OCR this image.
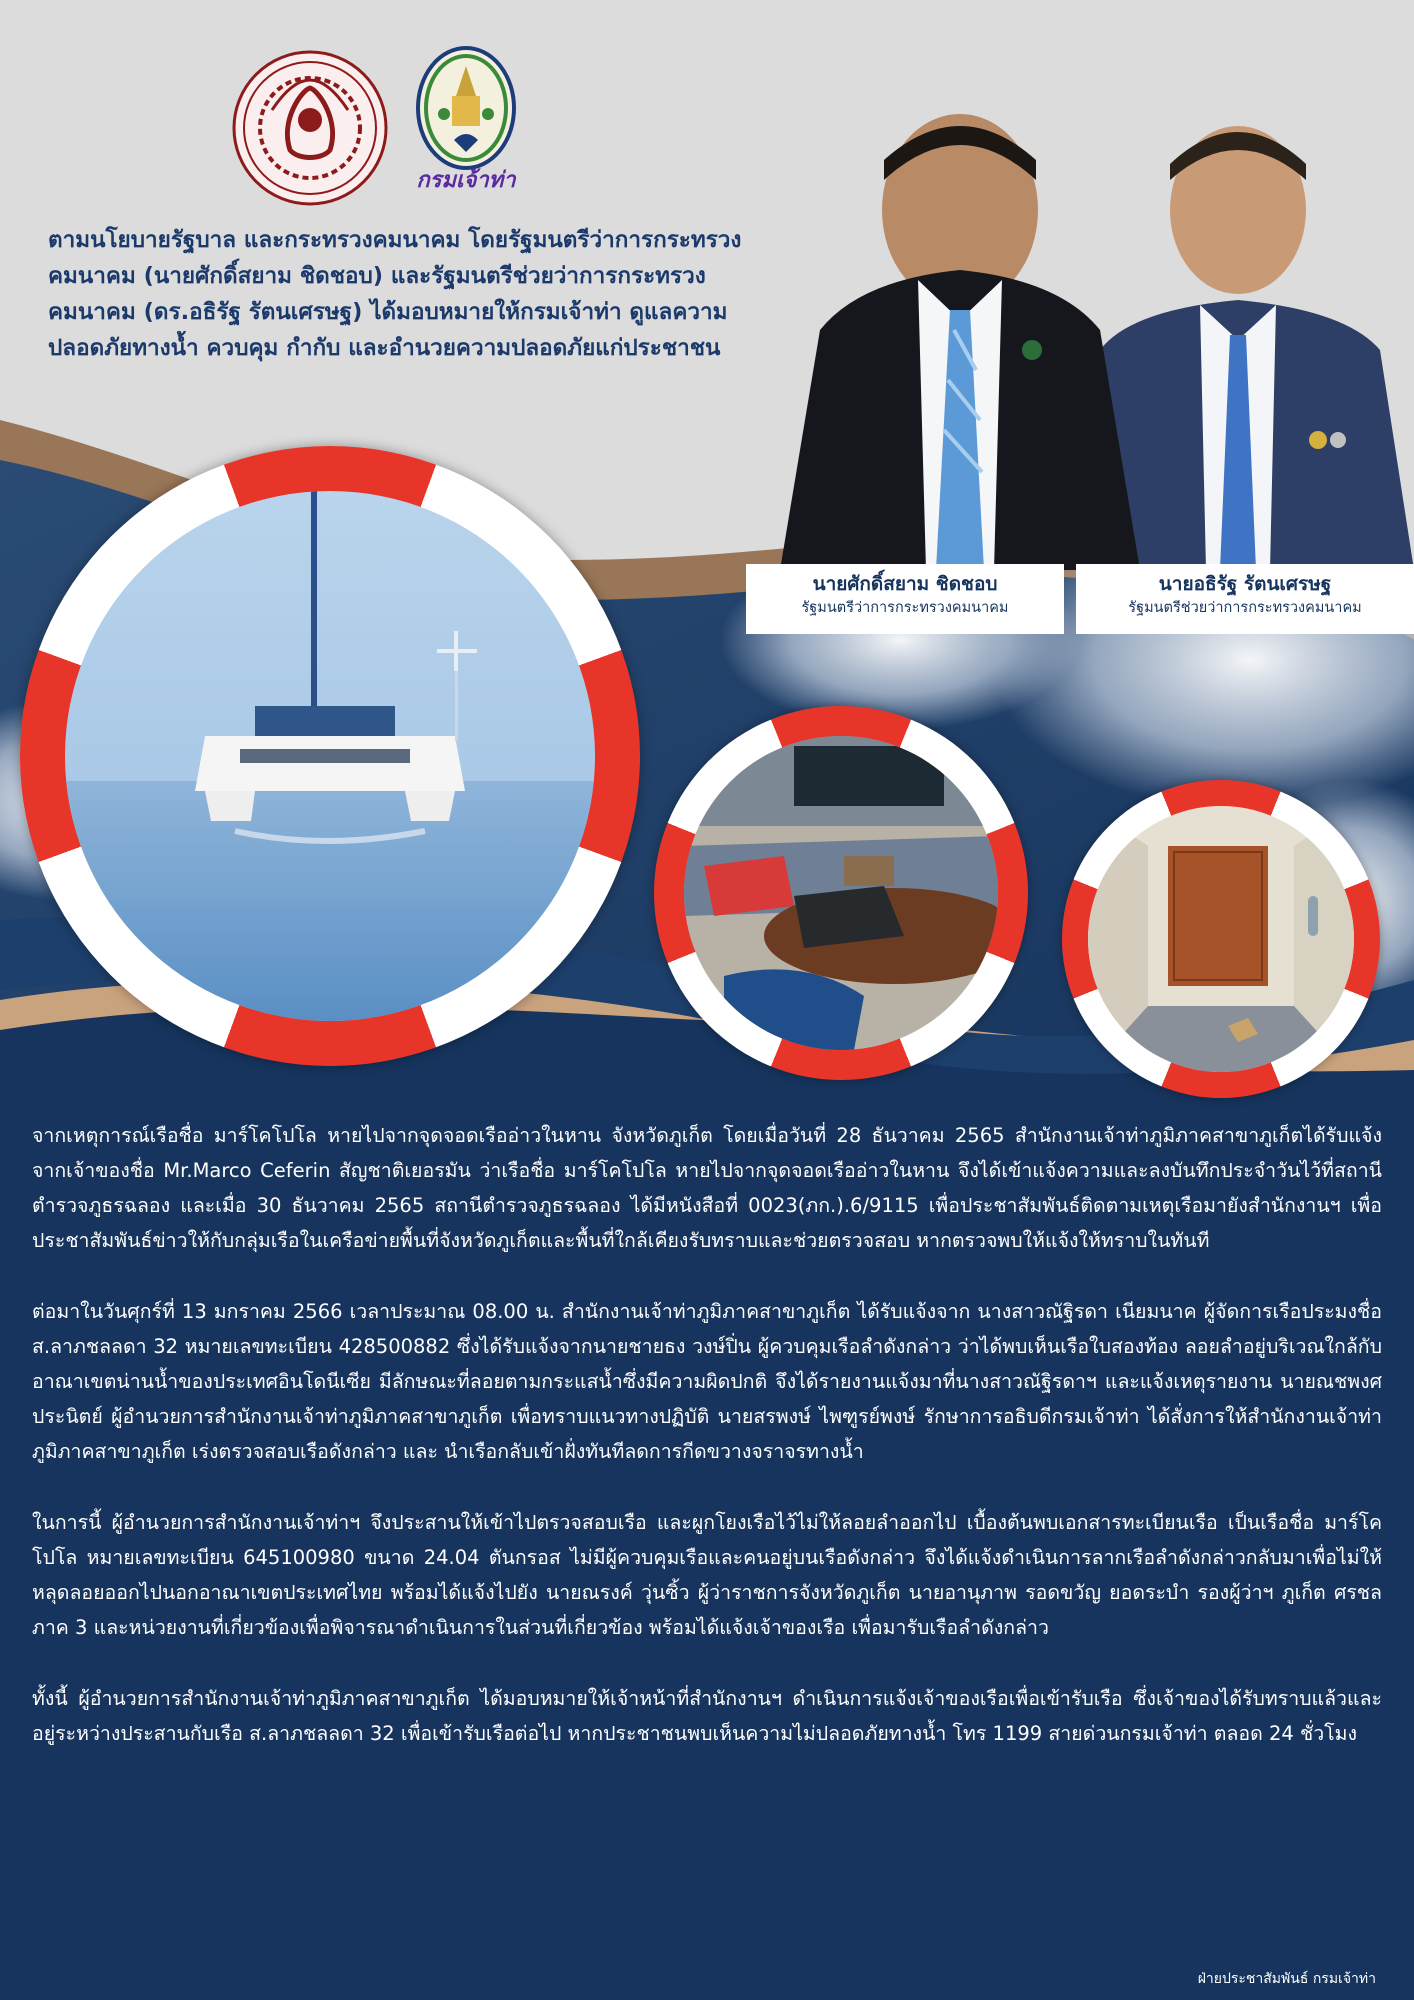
กรมเจ้าท่า
ตามนโยบายรัฐบาล และกระทรวงคมนาคม โดยรัฐมนตรีว่าการกระทรวงคมนาคม (นายศักดิ์สยาม ชิดชอบ) และรัฐมนตรีช่วยว่าการกระทรวงคมนาคม (ดร.อธิรัฐ รัตนเศรษฐ) ได้มอบหมายให้กรมเจ้าท่า ดูแลความปลอดภัยทางน้ำ ควบคุม กำกับ และอำนวยความปลอดภัยแก่ประชาชน
นายศักดิ์สยาม ชิดชอบ
รัฐมนตรีว่าการกระทรวงคมนาคม
นายอธิรัฐ รัตนเศรษฐ
รัฐมนตรีช่วยว่าการกระทรวงคมนาคม

จากเหตุการณ์เรือชื่อ มาร์โคโปโล หายไปจากจุดจอดเรืออ่าวในหาน จังหวัดภูเก็ต โดยเมื่อวันที่ 28 ธันวาคม 2565 สำนักงานเจ้าท่าภูมิภาคสาขาภูเก็ตได้รับแจ้งจากเจ้าของชื่อ Mr.Marco Ceferin สัญชาติเยอรมัน ว่าเรือชื่อ มาร์โคโปโล หายไปจากจุดจอดเรืออ่าวในหาน จึงได้เข้าแจ้งความและลงบันทึกประจำวันไว้ที่สถานีตำรวจภูธรฉลอง และเมื่อ 30 ธันวาคม 2565 สถานีตำรวจภูธรฉลอง ได้มีหนังสือที่ 0023(ภก.).6/9115 เพื่อประชาสัมพันธ์ติดตามเหตุเรือมายังสำนักงานฯ เพื่อประชาสัมพันธ์ข่าวให้กับกลุ่มเรือในเครือข่ายพื้นที่จังหวัดภูเก็ตและพื้นที่ใกล้เคียงรับทราบและช่วยตรวจสอบ หากตรวจพบให้แจ้งให้ทราบในทันที

ต่อมาในวันศุกร์ที่ 13 มกราคม 2566 เวลาประมาณ 08.00 น. สำนักงานเจ้าท่าภูมิภาคสาขาภูเก็ต ได้รับแจ้งจาก นางสาวณัฐิรดา เนียมนาค ผู้จัดการเรือประมงชื่อ ส.ลาภชลลดา 32 หมายเลขทะเบียน 428500882 ซึ่งได้รับแจ้งจากนายชายธง วงษ์ปิ่น ผู้ควบคุมเรือลำดังกล่าว ว่าได้พบเห็นเรือใบสองท้อง ลอยลำอยู่บริเวณใกล้กับอาณาเขตน่านน้ำของประเทศอินโดนีเซีย มีลักษณะที่ลอยตามกระแสน้ำซึ่งมีความผิดปกติ จึงได้รายงานแจ้งมาที่นางสาวณัฐิรดาฯ และแจ้งเหตุรายงาน นายณชพงศ ประนิตย์ ผู้อำนวยการสำนักงานเจ้าท่าภูมิภาคสาขาภูเก็ต เพื่อทราบแนวทางปฏิบัติ นายสรพงษ์ ไพฑูรย์พงษ์ รักษาการอธิบดีกรมเจ้าท่า ได้สั่งการให้สำนักงานเจ้าท่าภูมิภาคสาขาภูเก็ต เร่งตรวจสอบเรือดังกล่าว และ นำเรือกลับเข้าฝั่งทันทีลดการกีดขวางจราจรทางน้ำ

ในการนี้ ผู้อำนวยการสำนักงานเจ้าท่าฯ จึงประสานให้เข้าไปตรวจสอบเรือ และผูกโยงเรือไว้ไม่ให้ลอยลำออกไป เบื้องต้นพบเอกสารทะเบียนเรือ เป็นเรือชื่อ มาร์โคโปโล หมายเลขทะเบียน 645100980 ขนาด 24.04 ตันกรอส ไม่มีผู้ควบคุมเรือและคนอยู่บนเรือดังกล่าว จึงได้แจ้งดำเนินการลากเรือลำดังกล่าวกลับมาเพื่อไม่ให้หลุดลอยออกไปนอกอาณาเขตประเทศไทย พร้อมได้แจ้งไปยัง นายณรงค์ วุ่นซิ้ว ผู้ว่าราชการจังหวัดภูเก็ต นายอานุภาพ รอดขวัญ ยอดระบำ รองผู้ว่าฯ ภูเก็ต ศรชลภาค 3 และหน่วยงานที่เกี่ยวข้องเพื่อพิจารณาดำเนินการในส่วนที่เกี่ยวข้อง พร้อมได้แจ้งเจ้าของเรือ เพื่อมารับเรือลำดังกล่าว

ทั้งนี้ ผู้อำนวยการสำนักงานเจ้าท่าภูมิภาคสาขาภูเก็ต ได้มอบหมายให้เจ้าหน้าที่สำนักงานฯ ดำเนินการแจ้งเจ้าของเรือเพื่อเข้ารับเรือ ซึ่งเจ้าของได้รับทราบแล้วและอยู่ระหว่างประสานกับเรือ ส.ลาภชลลดา 32 เพื่อเข้ารับเรือต่อไป หากประชาชนพบเห็นความไม่ปลอดภัยทางน้ำ โทร 1199 สายด่วนกรมเจ้าท่า ตลอด 24 ชั่วโมง

ฝ่ายประชาสัมพันธ์ กรมเจ้าท่า
